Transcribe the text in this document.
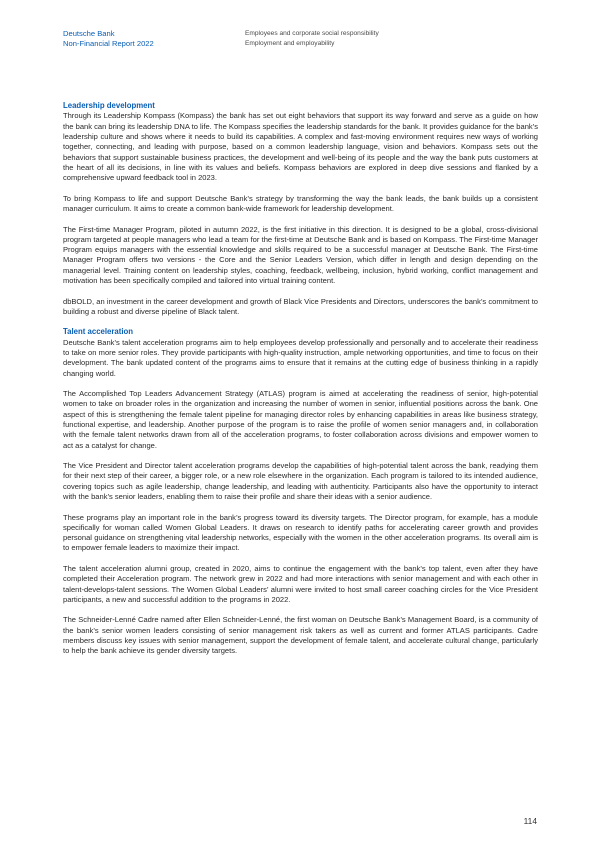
Deutsche Bank
Non-Financial Report 2022
Employees and corporate social responsibility
Employment and employability
Leadership development

Through its Leadership Kompass (Kompass) the bank has set out eight behaviors that support its way forward and serve as a guide on how the bank can bring its leadership DNA to life. The Kompass specifies the leadership standards for the bank. It provides guidance for the bank’s leadership culture and shows where it needs to build its capabilities. A complex and fast-moving environment requires new ways of working together, connecting, and leading with purpose, based on a common leadership language, vision and behaviors. Kompass sets out the behaviors that support sustainable business practices, the development and well-being of its people and the way the bank puts customers at the heart of all its decisions, in line with its values and beliefs. Kompass behaviors are explored in deep dive sessions and flanked by a comprehensive upward feedback tool in 2023.

To bring Kompass to life and support Deutsche Bank’s strategy by transforming the way the bank leads, the bank builds up a consistent manager curriculum. It aims to create a common bank-wide framework for leadership development.

The First-time Manager Program, piloted in autumn 2022, is the first initiative in this direction. It is designed to be a global, cross-divisional program targeted at people managers who lead a team for the first-time at Deutsche Bank and is based on Kompass. The First-time Manager Program equips managers with the essential knowledge and skills required to be a successful manager at Deutsche Bank. The First-time Manager Program offers two versions - the Core and the Senior Leaders Version, which differ in length and design depending on the managerial level. Training content on leadership styles, coaching, feedback, wellbeing, inclusion, hybrid working, conflict management and motivation has been specifically compiled and tailored into virtual training content.

dbBOLD, an investment in the career development and growth of Black Vice Presidents and Directors, underscores the bank’s commitment to building a robust and diverse pipeline of Black talent.

Talent acceleration

Deutsche Bank’s talent acceleration programs aim to help employees develop professionally and personally and to accelerate their readiness to take on more senior roles. They provide participants with high-quality instruction, ample networking opportunities, and time to focus on their development. The bank updated content of the programs aims to ensure that it remains at the cutting edge of business thinking in a rapidly changing world.

The Accomplished Top Leaders Advancement Strategy (ATLAS) program is aimed at accelerating the readiness of senior, high-potential women to take on broader roles in the organization and increasing the number of women in senior, influential positions across the bank. One aspect of this is strengthening the female talent pipeline for managing director roles by enhancing capabilities in areas like business strategy, functional expertise, and leadership. Another purpose of the program is to raise the profile of women senior managers and, in collaboration with the female talent networks drawn from all of the acceleration programs, to foster collaboration across divisions and empower women to act as a catalyst for change.

The Vice President and Director talent acceleration programs develop the capabilities of high-potential talent across the bank, readying them for their next step of their career, a bigger role, or a new role elsewhere in the organization. Each program is tailored to its intended audience, covering topics such as agile leadership, change leadership, and leading with authenticity. Participants also have the opportunity to interact with the bank’s senior leaders, enabling them to raise their profile and share their ideas with a senior audience.

These programs play an important role in the bank’s progress toward its diversity targets. The Director program, for example, has a module specifically for woman called Women Global Leaders. It draws on research to identify paths for accelerating career growth and provides personal guidance on strengthening vital leadership networks, especially with the women in the other acceleration programs. Its overall aim is to empower female leaders to maximize their impact.

The talent acceleration alumni group, created in 2020, aims to continue the engagement with the bank’s top talent, even after they have completed their Acceleration program. The network grew in 2022 and had more interactions with senior management and with each other in talent-develops-talent sessions. The Women Global Leaders’ alumni were invited to host small career coaching circles for the Vice President participants, a new and successful addition to the programs in 2022.

The Schneider-Lenné Cadre named after Ellen Schneider-Lenné, the first woman on Deutsche Bank’s Management Board, is a community of the bank’s senior women leaders consisting of senior management risk takers as well as current and former ATLAS participants. Cadre members discuss key issues with senior management, support the development of female talent, and accelerate cultural change, particularly to help the bank achieve its gender diversity targets.

114
